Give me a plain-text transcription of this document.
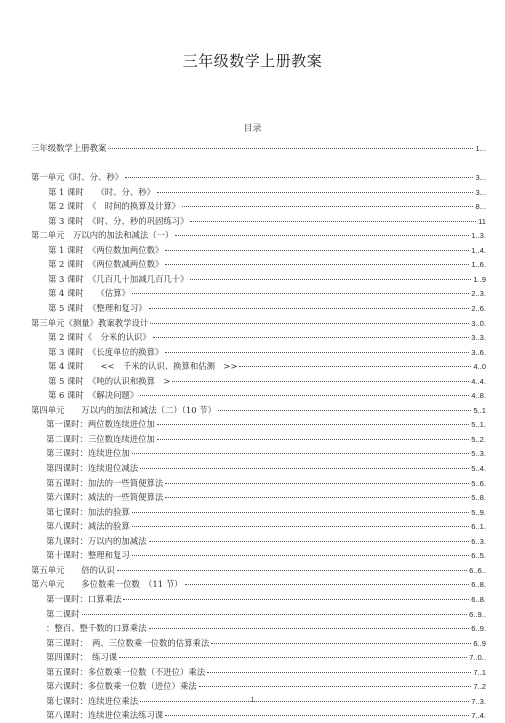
三年级数学上册教案
目录
三年级数学上册教案	1...
第一单元《时、分、秒》	3...
第 1 课时　　《时、分、秒》	3...
第 2 课时　《　时间的换算及计算》	8...
第 3 课时　《时、分、秒的巩固练习》	11
第二单元　万以内的加法和减法（一）	1..3.
第 1 课时　《两位数加两位数》	1..4.
第 2 课时　《两位数减两位数》	1..6.
第 3 课时　《几百几十加减几百几十》	1..9
第 4 课时　　《估算》	2..3.
第 5 课时　《整理和复习》	2..6.
第三单元《测量》教案教学设计	3..0.
第 2 课时《　分米的认识》	3..3.
第 3 课时　《长度单位的换算》	3..6.
第 4 课时　　<<　千米的认识、换算和估测　>>	4..0
第 5 课时　《吨的认识和换算　>	4..4.
第 6 课时　《解决问题》	4..8.
第四单元　　万以内的加法和减法（二）（10 节）	5..1
第一课时：两位数连续进位加	5..1.
第二课时：三位数连续进位加	5..2.
第三课时：连续进位加	5..3.
第四课时：连续退位减法	5..4.
第五课时：加法的一些简便算法	5..6.
第六课时：减法的一些简便算法	5..8.
第七课时：加法的验算	5..9.
第八课时：减法的验算	6..1.
第九课时：万以内的加减法	6..3.
第十课时：整理和复习	6..5.
第五单元　　倍的认识	6..6..
第六单元　　多位数乘一位数　（11 节）	6..8.
第一课时：口算乘法	6..8.
第二课时	6..9..
：整百、整千数的口算乘法	6..9.
第三课时：　两、三位数乘一位数的估算乘法	6..9
第四课时：　练习课	7..0..
第五课时：多位数乘一位数（不进位）乘法	7..1
第六课时：多位数乘一位数（进位）乘法	7..2
第七课时：连续进位乘法	7..3.
第八课时：连续进位乘法练习课	7..4.
1
